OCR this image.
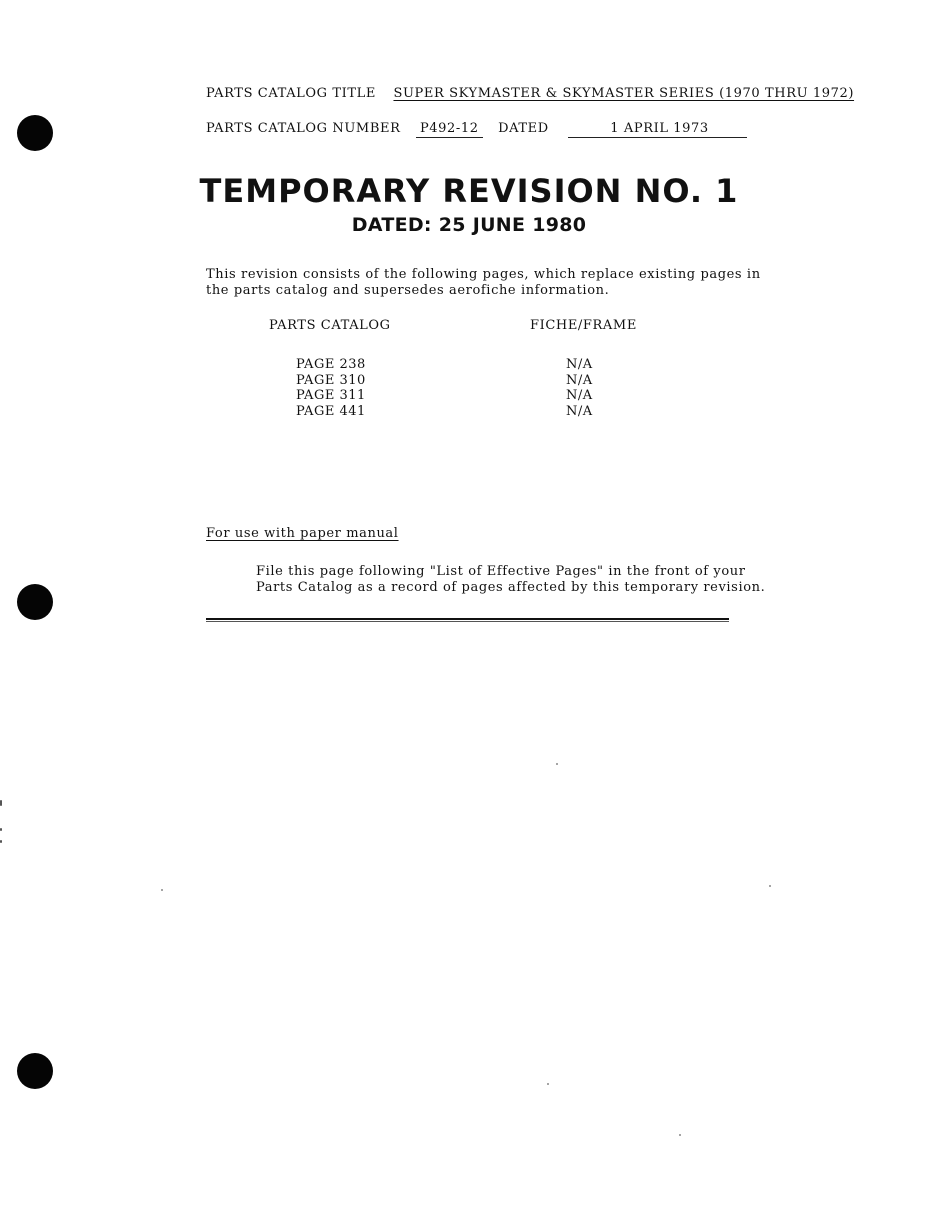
PARTS CATALOG TITLE SUPER SKYMASTER & SKYMASTER SERIES (1970 THRU 1972)
PARTS CATALOG NUMBER P492-12 DATED	1 APRIL 1973
TEMPORARY REVISION NO. 1
DATED: 25 JUNE 1980
This revision consists of the following pages, which replace existing pages in
the parts catalog and supersedes aerofiche information.
PARTS CATALOG	FICHE/FRAME
PAGE 238	N/A
PAGE 310	N/A
PAGE 311	N/A
PAGE 441	N/A
For use with paper manual
File this page following "List of Effective Pages" in the front of your
Parts Catalog as a record of pages affected by this temporary revision.
